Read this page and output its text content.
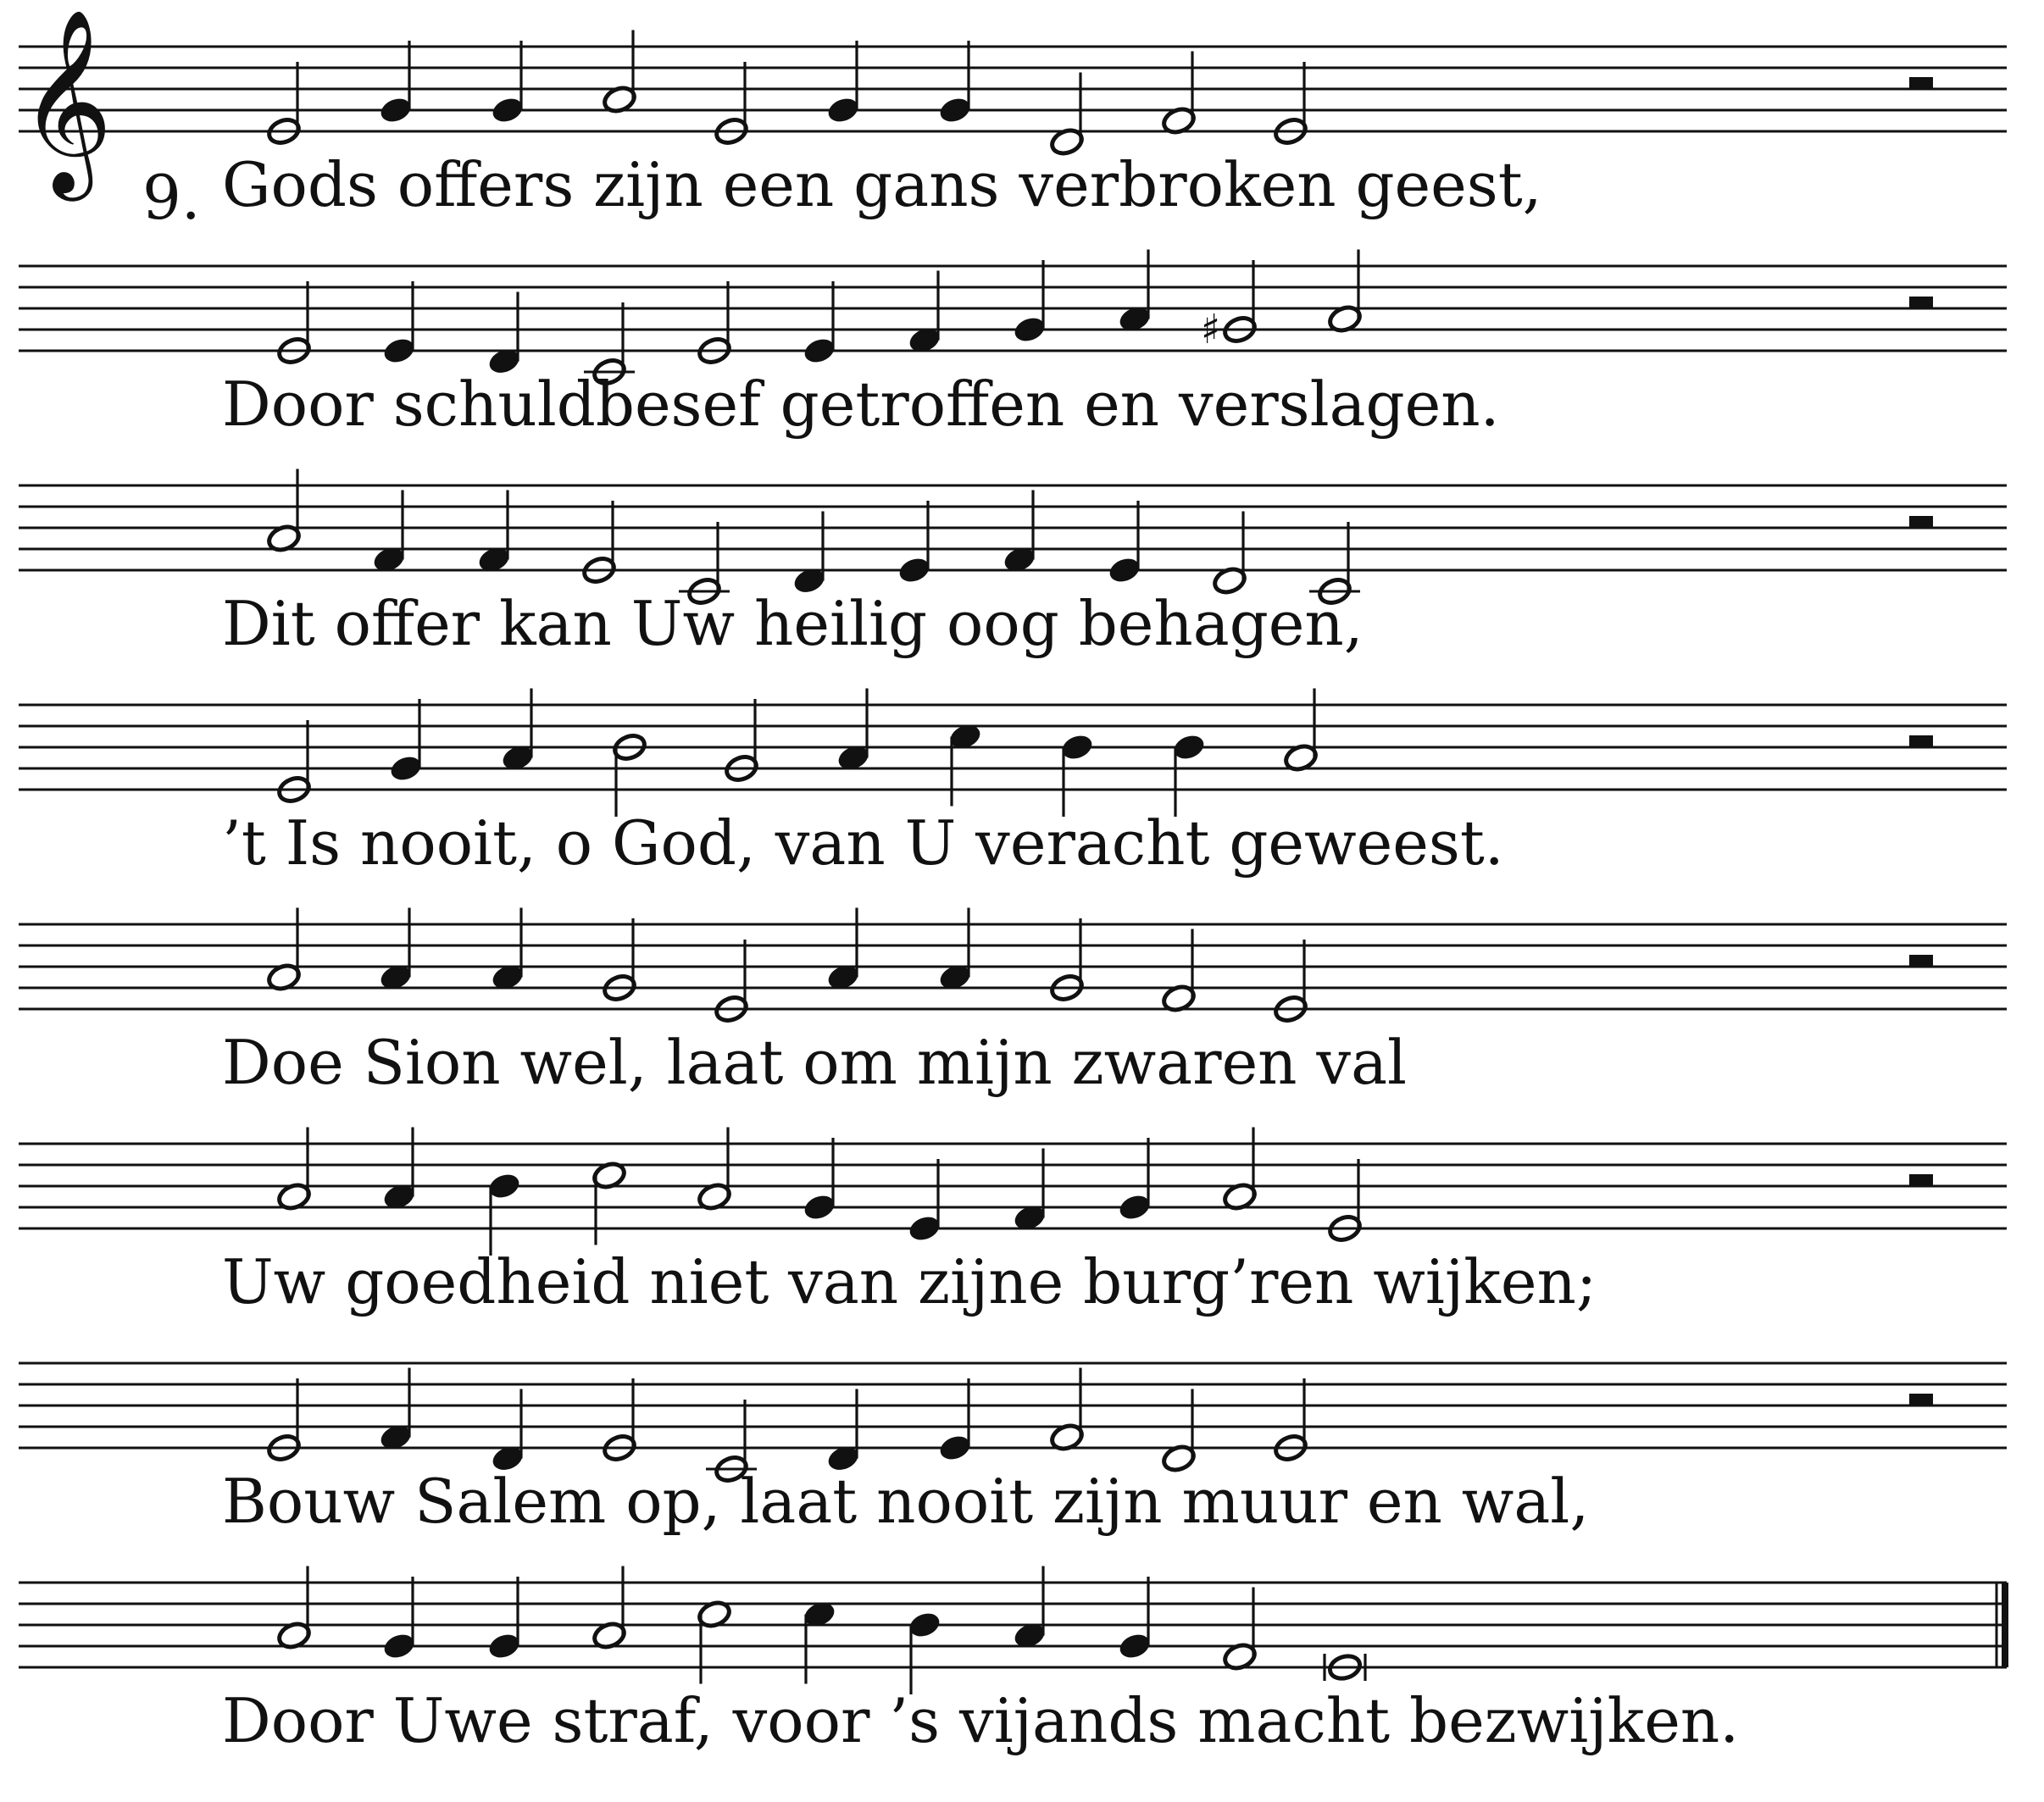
9.
𝄞 Gods offers zijn een gans verbroken geest,
♯
Door schuldbesef getroffen en verslagen.
Dit offer kan Uw heilig oog behagen,
’t Is nooit, o God, van U veracht geweest.
Doe Sion wel, laat om mijn zwaren val
Uw goedheid niet van zijne burg’ren wijken;
Bouw Salem op, laat nooit zijn muur en wal,
Door Uwe straf, voor ’s vijands macht bezwijken.
